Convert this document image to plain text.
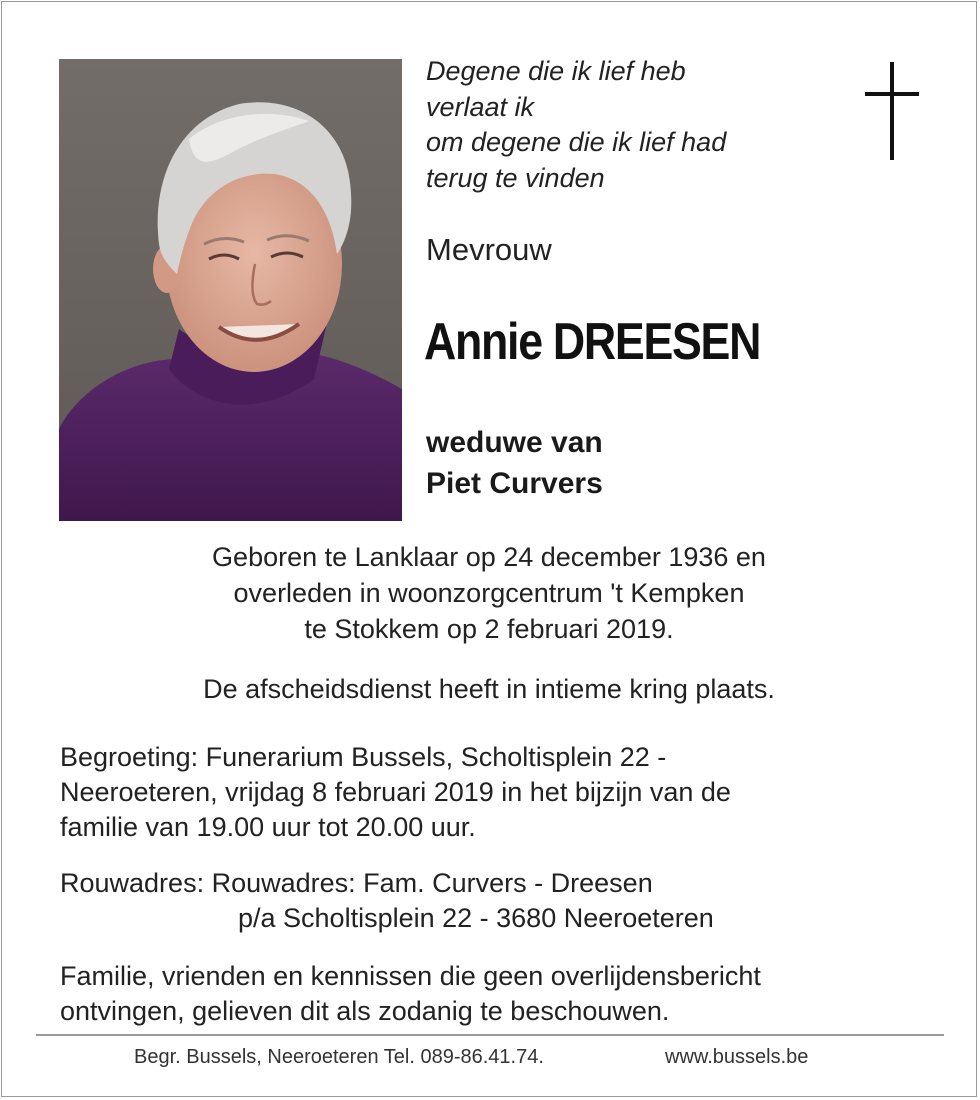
Degene die ik lief heb
verlaat ik
om degene die ik lief had
terug te vinden
Mevrouw
Annie DREESEN
weduwe van
Piet Curvers
Geboren te Lanklaar op 24 december 1936 en
overleden in woonzorgcentrum 't Kempken
te Stokkem op 2 februari 2019.
De afscheidsdienst heeft in intieme kring plaats.
Begroeting: Funerarium Bussels, Scholtisplein 22 -
Neeroeteren, vrijdag 8 februari 2019 in het bijzijn van de
familie van 19.00 uur tot 20.00 uur.
Rouwadres: Rouwadres: Fam. Curvers - Dreesen
p/a Scholtisplein 22 - 3680 Neeroeteren
Familie, vrienden en kennissen die geen overlijdensbericht
ontvingen, gelieven dit als zodanig te beschouwen.
Begr. Bussels, Neeroeteren Tel. 089-86.41.74.	www.bussels.be
